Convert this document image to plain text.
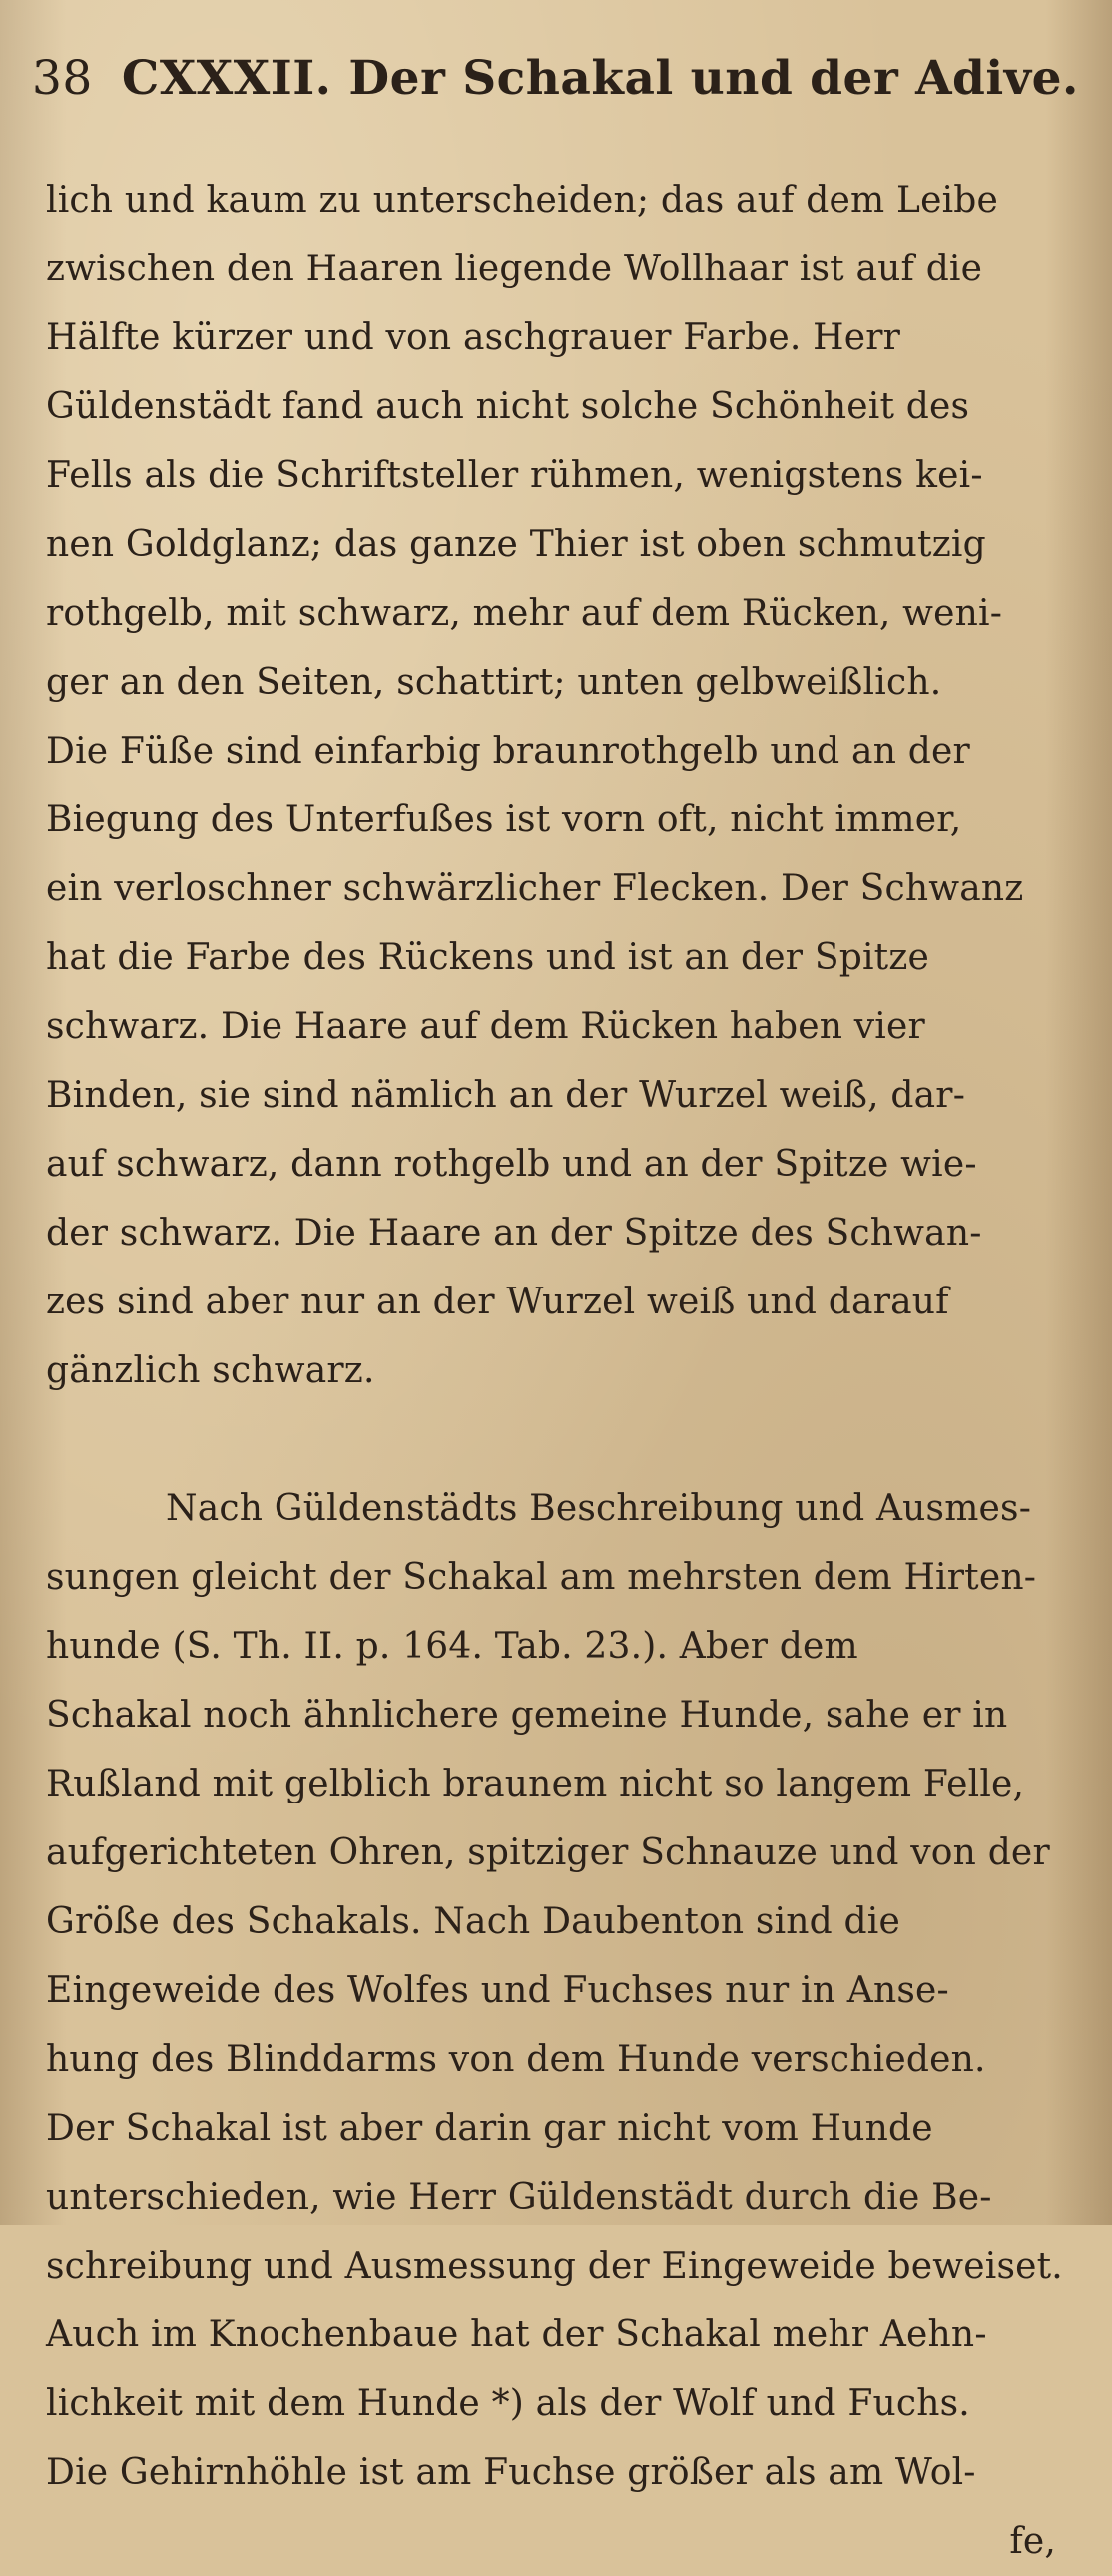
38 CXXXII. Der Schakal und der Adive.
lich und kaum zu unterscheiden; das auf dem Leibe
zwischen den Haaren liegende Wollhaar ist auf die
Hälfte kürzer und von aschgrauer Farbe. Herr
Güldenstädt fand auch nicht solche Schönheit des
Fells als die Schriftsteller rühmen, wenigstens kei-
nen Goldglanz; das ganze Thier ist oben schmutzig
rothgelb, mit schwarz, mehr auf dem Rücken, weni-
ger an den Seiten, schattirt; unten gelbweißlich.
Die Füße sind einfarbig braunrothgelb und an der
Biegung des Unterfußes ist vorn oft, nicht immer,
ein verloschner schwärzlicher Flecken. Der Schwanz
hat die Farbe des Rückens und ist an der Spitze
schwarz. Die Haare auf dem Rücken haben vier
Binden, sie sind nämlich an der Wurzel weiß, dar-
auf schwarz, dann rothgelb und an der Spitze wie-
der schwarz. Die Haare an der Spitze des Schwan-
zes sind aber nur an der Wurzel weiß und darauf
gänzlich schwarz.
Nach Güldenstädts Beschreibung und Ausmes-
sungen gleicht der Schakal am mehrsten dem Hirten-
hunde (S. Th. II. p. 164. Tab. 23.). Aber dem
Schakal noch ähnlichere gemeine Hunde, sahe er in
Rußland mit gelblich braunem nicht so langem Felle,
aufgerichteten Ohren, spitziger Schnauze und von der
Größe des Schakals. Nach Daubenton sind die
Eingeweide des Wolfes und Fuchses nur in Anse-
hung des Blinddarms von dem Hunde verschieden.
Der Schakal ist aber darin gar nicht vom Hunde
unterschieden, wie Herr Güldenstädt durch die Be-
schreibung und Ausmessung der Eingeweide beweiset.
Auch im Knochenbaue hat der Schakal mehr Aehn-
lichkeit mit dem Hunde *) als der Wolf und Fuchs.
Die Gehirnhöhle ist am Fuchse größer als am Wol-
fe,
